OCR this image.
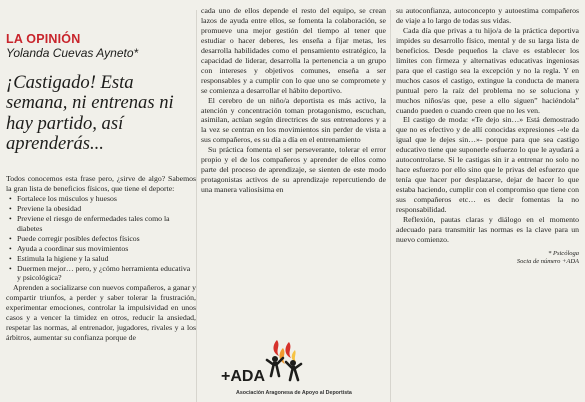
LA OPINIÓN
Yolanda Cuevas Ayneto*
¡Castigado! Esta semana, ni entrenas ni hay partido, así aprenderás...

Todos conocemos esta frase pero, ¿sirve de algo? Sabemos la gran lista de beneficios físicos, que tiene el deporte:

• Fortalece los músculos y huesos
• Previene la obesidad
• Previene el riesgo de enfermedades tales como la diabetes
• Puede corregir posibles defectos físicos
• Ayuda a coordinar sus movimientos
• Estimula la higiene y la salud
• Duermen mejor… pero, y ¿cómo herramienta educativa y psicológica?

Aprenden a socializarse con nuevos compañeros, a ganar y compartir triunfos, a perder y saber tolerar la frustración, experimentar emociones, controlar la impulsividad en unos casos y a vencer la timidez en otros, reducir la ansiedad, respetar las normas, al entrenador, jugadores, rivales y a los árbitros, aumentar su confianza porque de

cada uno de ellos depende el resto del equipo, se crean lazos de ayuda entre ellos, se fomenta la colaboración, se promueve una mejor gestión del tiempo al tener que estudiar o hacer deberes, les enseña a fijar metas, les desarrolla habilidades como el pensamiento estratégico, la capacidad de liderar, desarrolla la pertenencia a un grupo con intereses y objetivos comunes, enseña a ser responsables y a cumplir con lo que uno se compromete y se comienza a desarrollar el hábito deportivo.

El cerebro de un niño/a deportista es más activo, la atención y concentración toman protagonismo, escuchan, asimilan, actúan según directrices de sus entrenadores y a la vez se centran en los movimientos sin perder de vista a sus compañeros, es su día a día en el entrenamiento

Su práctica fomenta el ser perseverante, tolerar el error propio y el de los compañeros y aprender de ellos como parte del proceso de aprendizaje, se sienten de este modo protagonistas activos de su aprendizaje repercutiendo de una manera valiosísima en

+ADA
Asociación Aragonesa de Apoyo al Deportista

su autoconfianza, autoconcepto y autoestima compañeros de viaje a lo largo de todas sus vidas.

Cada día que privas a tu hijo/a de la práctica deportiva impides su desarrollo físico, mental y de su larga lista de beneficios. Desde pequeños la clave es establecer los límites con firmeza y alternativas educativas ingeniosas para que el castigo sea la excepción y no la regla. Y en muchos casos el castigo, extingue la conducta de manera puntual pero la raíz del problema no se soluciona y muchos niños/as que, pese a ello siguen” haciéndola” cuando pueden o cuando creen que no les ven.

El castigo de moda: «Te dejo sin…» Está demostrado que no es efectivo y de allí conocidas expresiones -«le da igual que le dejes sin…»- porque para que sea castigo educativo tiene que suponerle esfuerzo lo que le ayudará a autocontrolarse. Si le castigas sin ir a entrenar no solo no hace esfuerzo por ello sino que le privas del esfuerzo que tenía que hacer por desplazarse, dejar de hacer lo que estaba haciendo, cumplir con el compromiso que tiene con sus compañeros etc… es decir fomentas la no responsabilidad.

Reflexión, pautas claras y diálogo en el momento adecuado para transmitir las normas es la clave para un nuevo comienzo.

* Psicóloga
Socia de número +ADA
